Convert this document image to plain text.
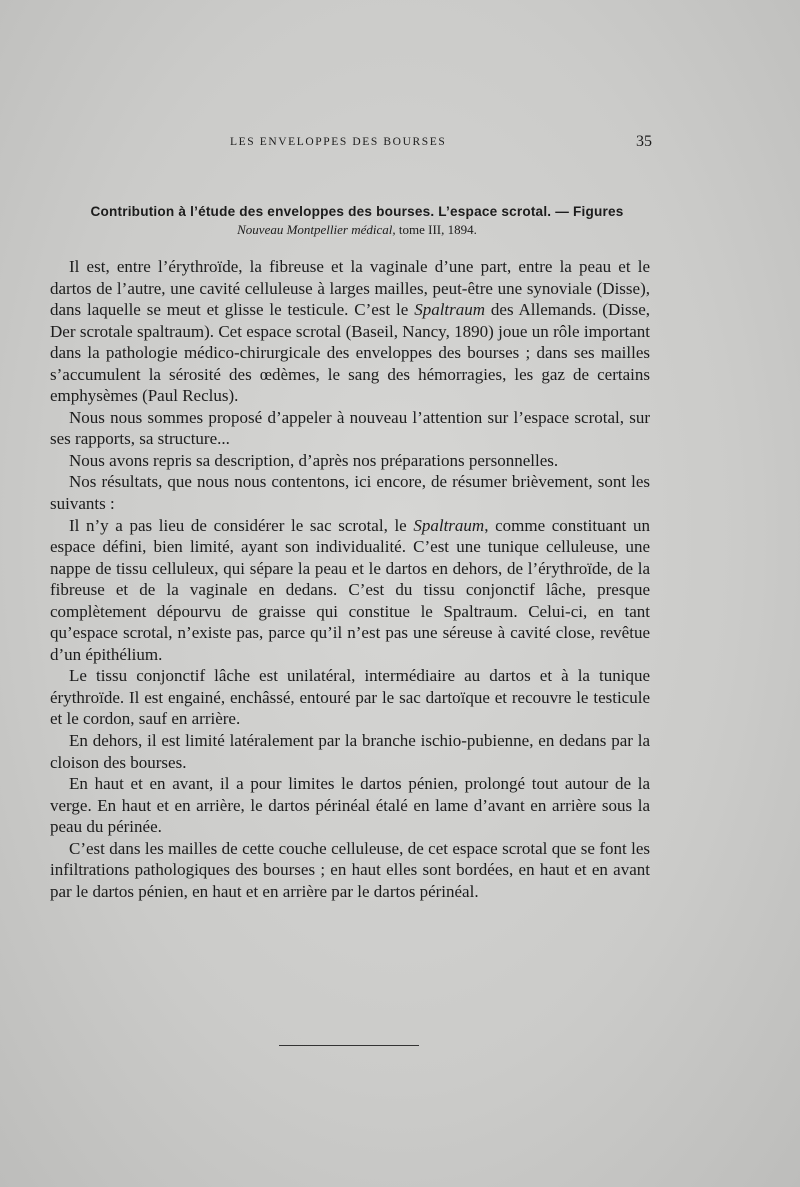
LES ENVELOPPES DES BOURSES	35
Contribution à l’étude des enveloppes des bourses. L’espace scrotal. — Figures
Nouveau Montpellier médical, tome III, 1894.

Il est, entre l’érythroïde, la fibreuse et la vaginale d’une part, entre la peau et le dartos de l’autre, une cavité celluleuse à larges mailles, peut-être une synoviale (Disse), dans laquelle se meut et glisse le testicule. C’est le Spaltraum des Allemands. (Disse, Der scrotale spaltraum). Cet espace scrotal (Baseil, Nancy, 1890) joue un rôle important dans la pathologie médico-chirurgicale des enveloppes des bourses ; dans ses mailles s’accumulent la sérosité des œdèmes, le sang des hémorragies, les gaz de certains emphysèmes (Paul Reclus).

Nous nous sommes proposé d’appeler à nouveau l’attention sur l’espace scrotal, sur ses rapports, sa structure...

Nous avons repris sa description, d’après nos préparations personnelles.

Nos résultats, que nous nous contentons, ici encore, de résumer brièvement, sont les suivants :

Il n’y a pas lieu de considérer le sac scrotal, le Spaltraum, comme constituant un espace défini, bien limité, ayant son individualité. C’est une tunique celluleuse, une nappe de tissu celluleux, qui sépare la peau et le dartos en dehors, de l’érythroïde, de la fibreuse et de la vaginale en dedans. C’est du tissu conjonctif lâche, presque complètement dépourvu de graisse qui constitue le Spaltraum. Celui-ci, en tant qu’espace scrotal, n’existe pas, parce qu’il n’est pas une séreuse à cavité close, revêtue d’un épithélium.

Le tissu conjonctif lâche est unilatéral, intermédiaire au dartos et à la tunique érythroïde. Il est engainé, enchâssé, entouré par le sac dartoïque et recouvre le testicule et le cordon, sauf en arrière.

En dehors, il est limité latéralement par la branche ischio-pubienne, en dedans par la cloison des bourses.

En haut et en avant, il a pour limites le dartos pénien, prolongé tout autour de la verge. En haut et en arrière, le dartos périnéal étalé en lame d’avant en arrière sous la peau du périnée.

C’est dans les mailles de cette couche celluleuse, de cet espace scrotal que se font les infiltrations pathologiques des bourses ; en haut elles sont bordées, en haut et en avant par le dartos pénien, en haut et en arrière par le dartos périnéal.
